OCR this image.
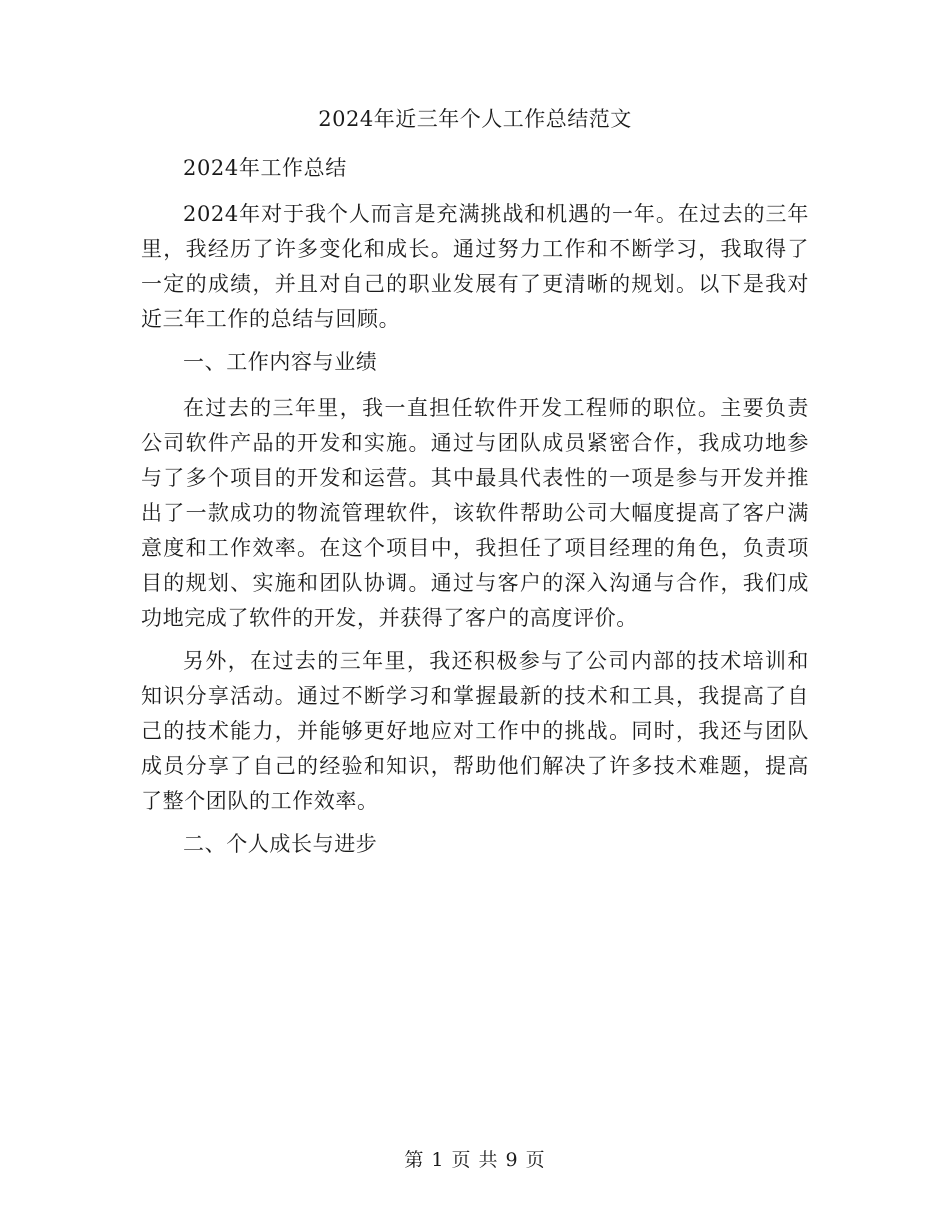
2024年近三年个人工作总结范文

2024年工作总结

2024年对于我个人而言是充满挑战和机遇的一年。在过去的三年里，我经历了许多变化和成长。通过努力工作和不断学习，我取得了一定的成绩，并且对自己的职业发展有了更清晰的规划。以下是我对近三年工作的总结与回顾。

一、工作内容与业绩

在过去的三年里，我一直担任软件开发工程师的职位。主要负责公司软件产品的开发和实施。通过与团队成员紧密合作，我成功地参与了多个项目的开发和运营。其中最具代表性的一项是参与开发并推出了一款成功的物流管理软件，该软件帮助公司大幅度提高了客户满意度和工作效率。在这个项目中，我担任了项目经理的角色，负责项目的规划、实施和团队协调。通过与客户的深入沟通与合作，我们成功地完成了软件的开发，并获得了客户的高度评价。

另外，在过去的三年里，我还积极参与了公司内部的技术培训和知识分享活动。通过不断学习和掌握最新的技术和工具，我提高了自己的技术能力，并能够更好地应对工作中的挑战。同时，我还与团队成员分享了自己的经验和知识，帮助他们解决了许多技术难题，提高了整个团队的工作效率。

二、个人成长与进步

第 1 页 共 9 页
